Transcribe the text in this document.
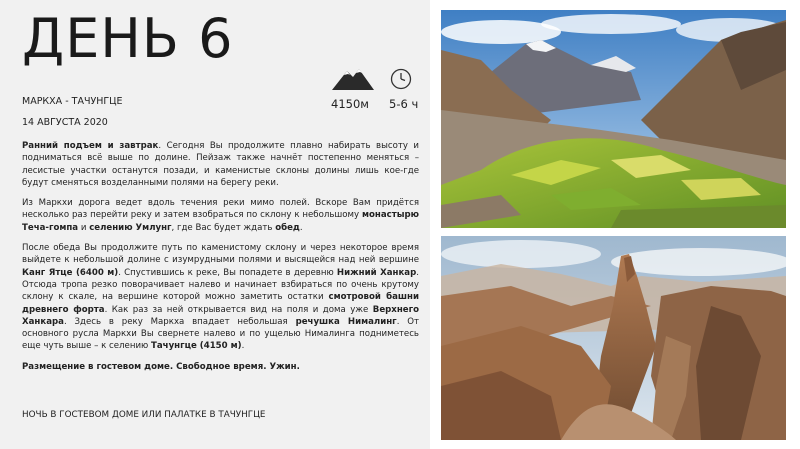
ДЕНЬ 6
МАРКХА - ТАЧУНГЦЕ	4150м 5-6 ч
14 АВГУСТА 2020

Ранний подъем и завтрак. Сегодня Вы продолжите плавно набирать высоту и подниматься всё выше по долине. Пейзаж также начнёт постепенно меняться – лесистые участки останутся позади, и каменистые склоны долины лишь кое-где будут сменяться возделанными полями на берегу реки.

Из Маркхи дорога ведет вдоль течения реки мимо полей. Вскоре Вам придётся несколько раз перейти реку и затем взобраться по склону к небольшому монастырю Теча-гомпа и селению Умлунг, где Вас будет ждать обед.

После обеда Вы продолжите путь по каменистому склону и через некоторое время выйдете к небольшой долине с изумрудными полями и высящейся над ней вершине Канг Ятце (6400 м). Спустившись к реке, Вы попадете в деревню Нижний Ханкар. Отсюда тропа резко поворачивает налево и начинает взбираться по очень крутому склону к скале, на вершине которой можно заметить остатки смотровой башни древнего форта. Как раз за ней открывается вид на поля и дома уже Верхнего Ханкара. Здесь в реку Маркха впадает небольшая речушка Нималинг. От основного русла Маркхи Вы свернете налево и по ущелью Нималинга подниметесь еще чуть выше – к селению Тачунгце (4150 м).

Размещение в гостевом доме. Свободное время. Ужин.

НОЧЬ В ГОСТЕВОМ ДОМЕ ИЛИ ПАЛАТКЕ В ТАЧУНГЦЕ
